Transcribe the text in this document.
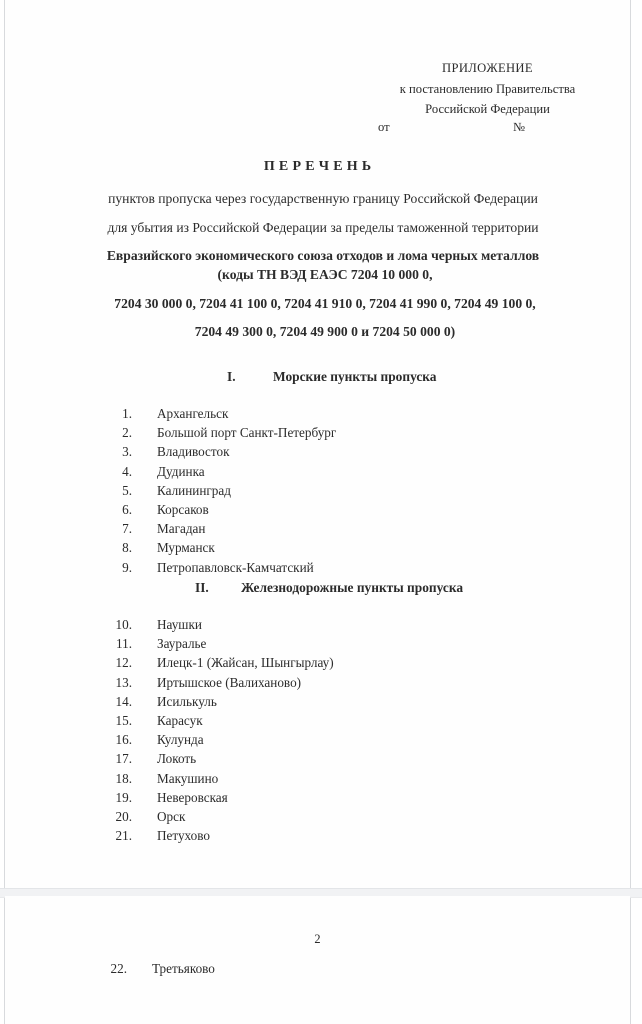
ПРИЛОЖЕНИЕ
к постановлению Правительства
Российской Федерации
от	№
ПЕРЕЧЕНЬ
пунктов пропуска через государственную границу Российской Федерации
для убытия из Российской Федерации за пределы таможенной территории
Евразийского экономического союза отходов и лома черных металлов
(коды ТН ВЭД ЕАЭС 7204 10 000 0,
7204 30 000 0, 7204 41 100 0, 7204 41 910 0, 7204 41 990 0, 7204 49 100 0,
7204 49 300 0, 7204 49 900 0 и 7204 50 000 0)
I.	Морские пункты пропуска
1. Архангельск
2. Большой порт Санкт-Петербург
3. Владивосток
4. Дудинка
5. Калининград
6. Корсаков
7. Магадан
8. Мурманск
9. Петропавловск-Камчатский
II. Железнодорожные пункты пропуска
10. Наушки
11. Зауралье
12. Илецк-1 (Жайсан, Шынгырлау)
13. Иртышское (Валиханово)
14. Исилькуль
15. Карасук
16. Кулунда
17. Локоть
18. Макушино
19. Неверовская
20. Орск
21. Петухово
2
22. Третьяково
